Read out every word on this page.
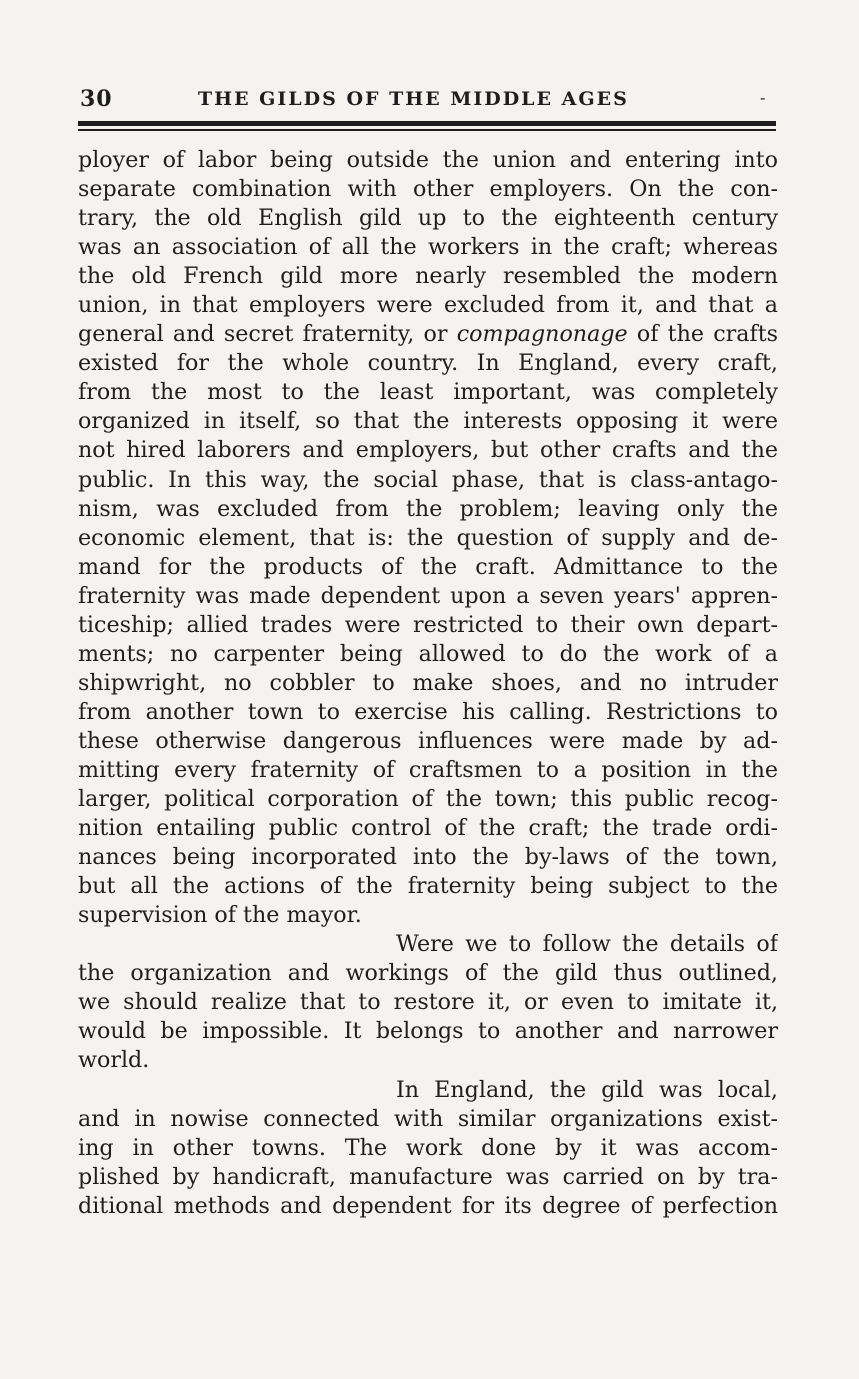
30	THE GILDS OF THE MIDDLE AGES	-
ployer of labor being outside the union and entering into
separate combination with other employers. On the con-
trary, the old English gild up to the eighteenth century
was an association of all the workers in the craft; whereas
the old French gild more nearly resembled the modern
union, in that employers were excluded from it, and that a
general and secret fraternity, or compagnonage of the crafts
existed for the whole country. In England, every craft,
from the most to the least important, was completely
organized in itself, so that the interests opposing it were
not hired laborers and employers, but other crafts and the
public. In this way, the social phase, that is class-antago-
nism, was excluded from the problem; leaving only the
economic element, that is: the question of supply and de-
mand for the products of the craft. Admittance to the
fraternity was made dependent upon a seven years' appren-
ticeship; allied trades were restricted to their own depart-
ments; no carpenter being allowed to do the work of a
shipwright, no cobbler to make shoes, and no intruder
from another town to exercise his calling. Restrictions to
these otherwise dangerous influences were made by ad-
mitting every fraternity of craftsmen to a position in the
larger, political corporation of the town; this public recog-
nition entailing public control of the craft; the trade ordi-
nances being incorporated into the by-laws of the town,
but all the actions of the fraternity being subject to the
supervision of the mayor.
Were we to follow the details of
the organization and workings of the gild thus outlined,
we should realize that to restore it, or even to imitate it,
would be impossible. It belongs to another and narrower
world.
In England, the gild was local,
and in nowise connected with similar organizations exist-
ing in other towns. The work done by it was accom-
plished by handicraft, manufacture was carried on by tra-
ditional methods and dependent for its degree of perfection
